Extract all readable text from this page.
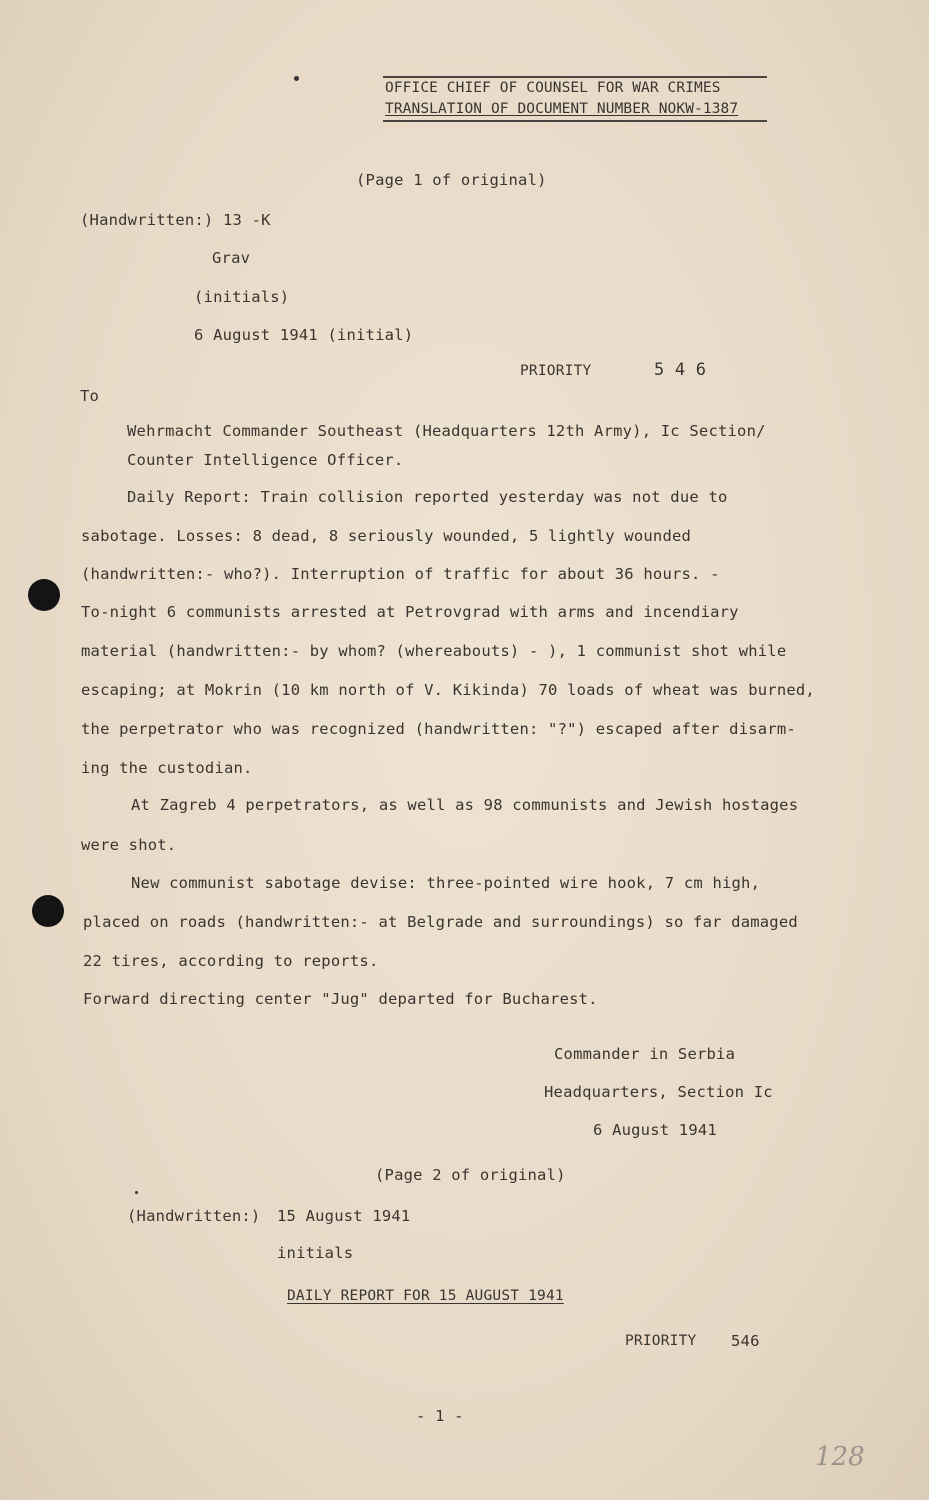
OFFICE CHIEF OF COUNSEL FOR WAR CRIMES
TRANSLATION OF DOCUMENT NUMBER NOKW-1387
(Page 1 of original)
(Handwritten:) 13 -K
Grav
(initials)
6 August 1941 (initial)
PRIORITY	5 4 6
To
Wehrmacht Commander Southeast (Headquarters 12th Army), Ic Section/
Counter Intelligence Officer.
Daily Report: Train collision reported yesterday was not due to
sabotage. Losses: 8 dead, 8 seriously wounded, 5 lightly wounded
(handwritten:- who?). Interruption of traffic for about 36 hours. -
To-night 6 communists arrested at Petrovgrad with arms and incendiary
material (handwritten:- by whom? (whereabouts) - ), 1 communist shot while
escaping; at Mokrin (10 km north of V. Kikinda) 70 loads of wheat was burned,
the perpetrator who was recognized (handwritten: "?") escaped after disarm-
ing the custodian.
At Zagreb 4 perpetrators, as well as 98 communists and Jewish hostages
were shot.
New communist sabotage devise: three-pointed wire hook, 7 cm high,
placed on roads (handwritten:- at Belgrade and surroundings) so far damaged
22 tires, according to reports.
Forward directing center "Jug" departed for Bucharest.
Commander in Serbia
Headquarters, Section Ic
6 August 1941
(Page 2 of original)
(Handwritten:) 15 August 1941
initials
DAILY REPORT FOR 15 AUGUST 1941
PRIORITY 546
- 1 -
128
